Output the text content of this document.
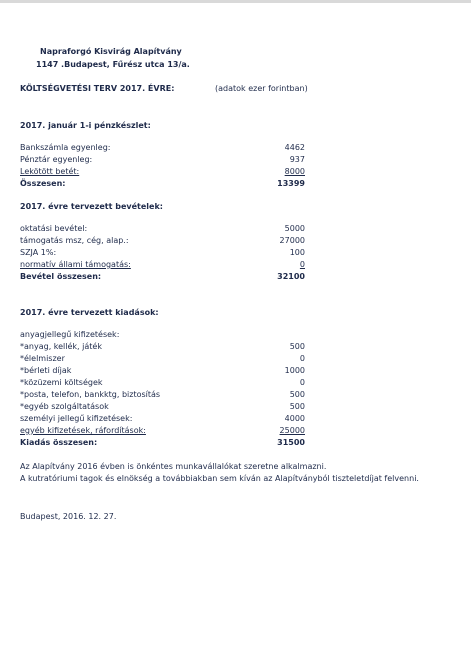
Napraforgó Kisvirág Alapítvány
1147 .Budapest, Fűrész utca 13/a.
KÖLTSÉGVETÉSI TERV 2017. ÉVRE:	(adatok ezer forintban)
2017. január 1-i pénzkészlet:
Bankszámla egyenleg:	4462
Pénztár egyenleg:	937
Lekötött betét:	8000
Összesen:	13399
2017. évre tervezett bevételek:
oktatási bevétel:	5000
támogatás msz, cég, alap.:	27000
SZJA 1%:	100
normatív állami támogatás:	0
Bevétel összesen:	32100
2017. évre tervezett kiadások:
anyagjellegű kifizetések:
*anyag, kellék, játék	500
*élelmiszer	0
*bérleti díjak	1000
*közüzemi költségek	0
*posta, telefon, bankktg, biztosítás	500
*egyéb szolgáltatások	500
személyi jellegű kifizetések:	4000
egyéb kifizetések, ráfordítások:	25000
Kiadás összesen:	31500
Az Alapítvány 2016 évben is önkéntes munkavállalókat szeretne alkalmazni.
A kutratóriumi tagok és elnökség a továbbiakban sem kíván az Alapítványból tiszteletdíjat felvenni.
Budapest, 2016. 12. 27.
